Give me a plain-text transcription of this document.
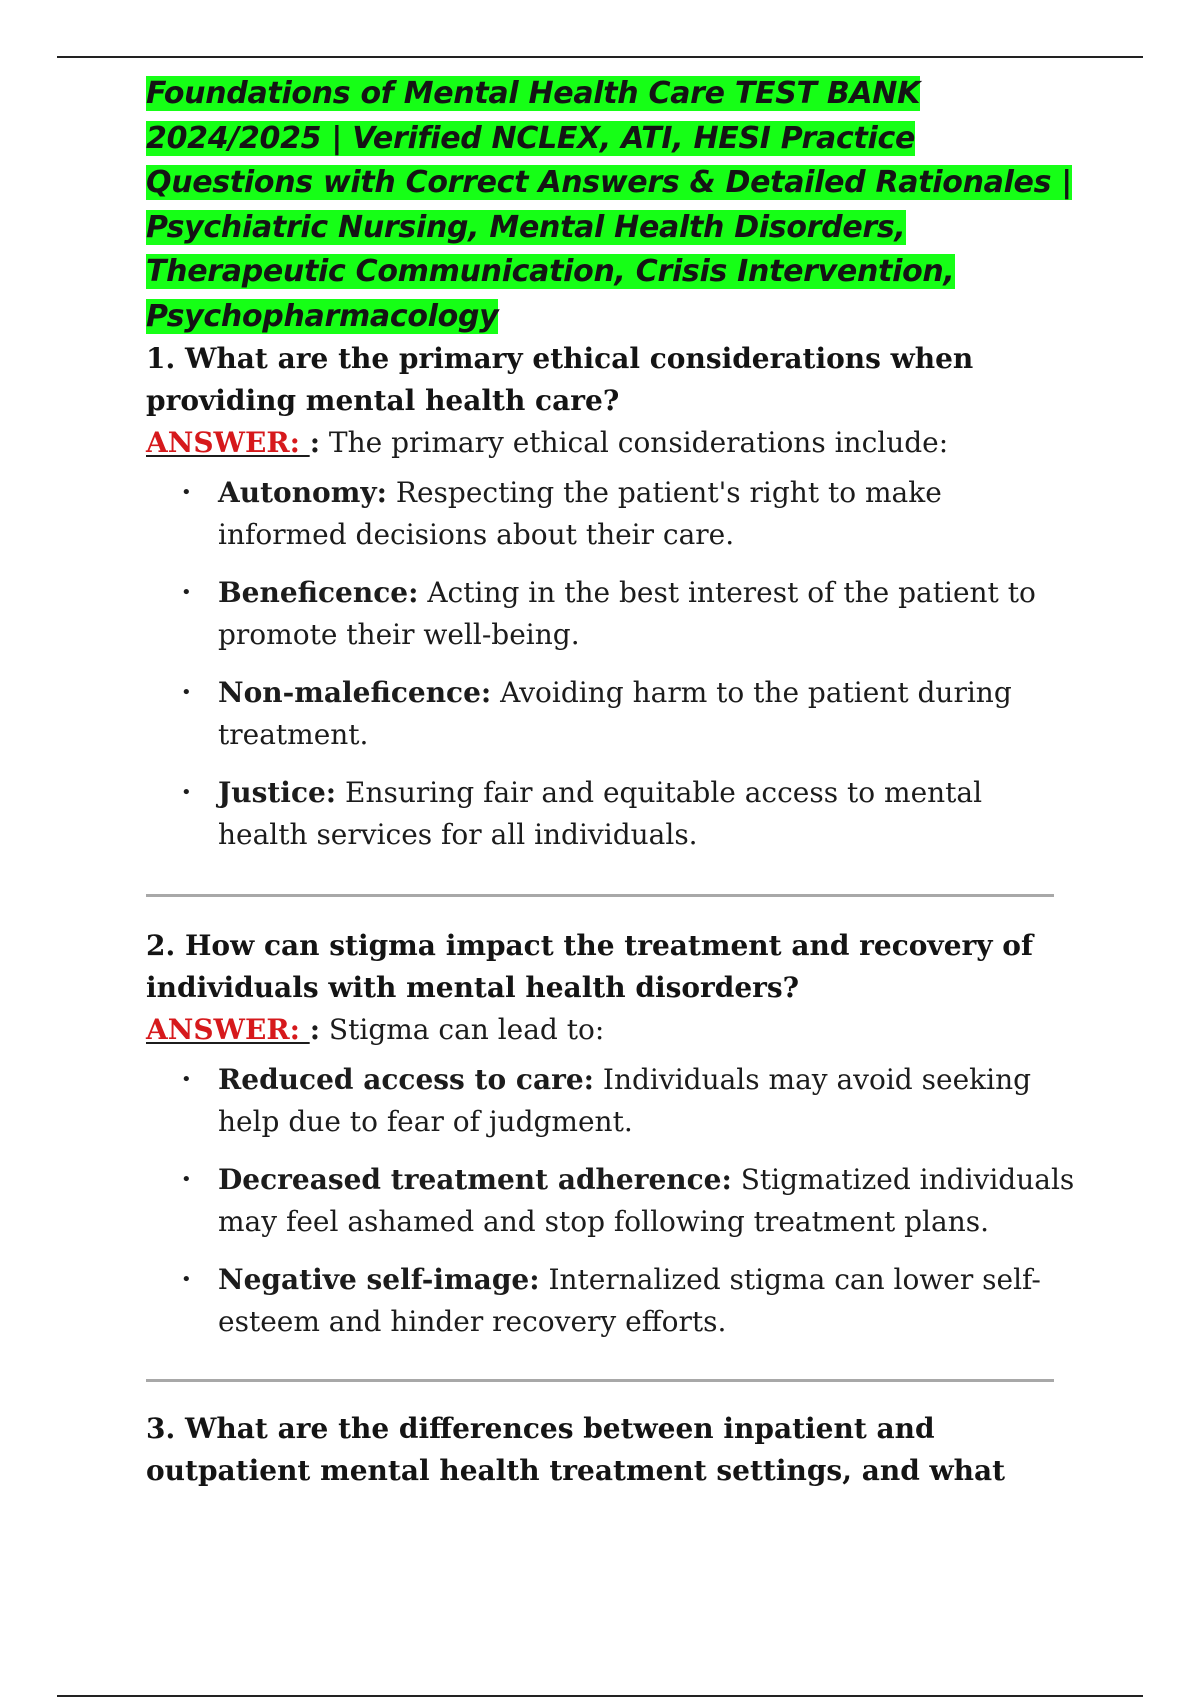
Foundations of Mental Health Care TEST BANK 2024/2025 | Verified NCLEX, ATI, HESI Practice Questions with Correct Answers & Detailed Rationales | Psychiatric Nursing, Mental Health Disorders, Therapeutic Communication, Crisis Intervention, Psychopharmacology

1. What are the primary ethical considerations when providing mental health care?

ANSWER: : The primary ethical considerations include:

• Autonomy: Respecting the patient's right to make informed decisions about their care.
• Beneficence: Acting in the best interest of the patient to promote their well-being.
• Non-maleficence: Avoiding harm to the patient during treatment.
• Justice: Ensuring fair and equitable access to mental health services for all individuals.

2. How can stigma impact the treatment and recovery of individuals with mental health disorders?

ANSWER: : Stigma can lead to:

• Reduced access to care: Individuals may avoid seeking help due to fear of judgment.
• Decreased treatment adherence: Stigmatized individuals may feel ashamed and stop following treatment plans.
• Negative self-image: Internalized stigma can lower self-esteem and hinder recovery efforts.

3. What are the differences between inpatient and outpatient mental health treatment settings, and what
